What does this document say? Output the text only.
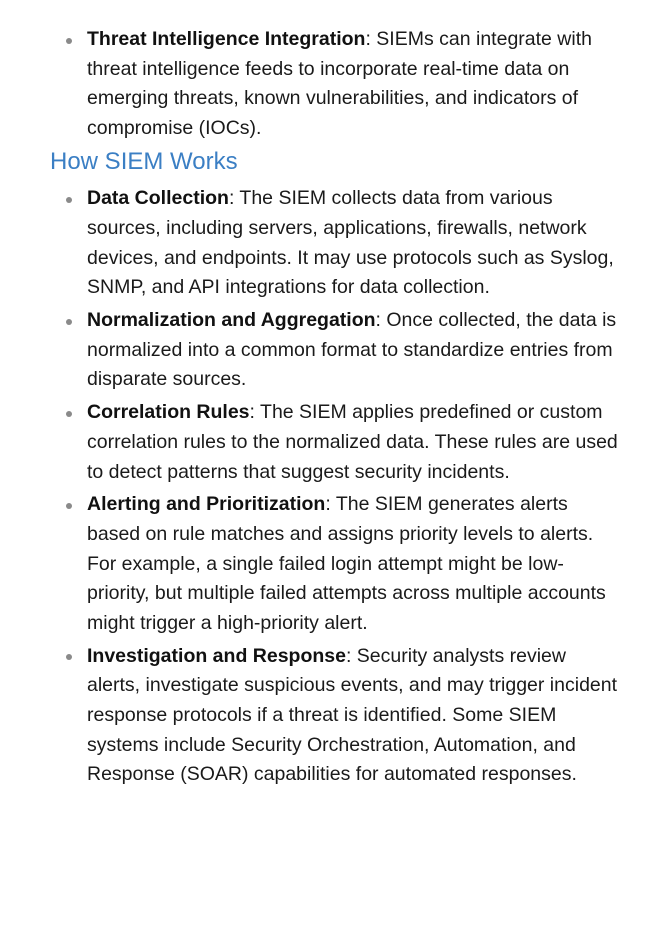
Threat Intelligence Integration: SIEMs can integrate with threat intelligence feeds to incorporate real-time data on emerging threats, known vulnerabilities, and indicators of compromise (IOCs).
How SIEM Works
Data Collection: The SIEM collects data from various sources, including servers, applications, firewalls, network devices, and endpoints. It may use protocols such as Syslog, SNMP, and API integrations for data collection.
Normalization and Aggregation: Once collected, the data is normalized into a common format to standardize entries from disparate sources.
Correlation Rules: The SIEM applies predefined or custom correlation rules to the normalized data. These rules are used to detect patterns that suggest security incidents.
Alerting and Prioritization: The SIEM generates alerts based on rule matches and assigns priority levels to alerts. For example, a single failed login attempt might be low-priority, but multiple failed attempts across multiple accounts might trigger a high-priority alert.
Investigation and Response: Security analysts review alerts, investigate suspicious events, and may trigger incident response protocols if a threat is identified. Some SIEM systems include Security Orchestration, Automation, and Response (SOAR) capabilities for automated responses.
